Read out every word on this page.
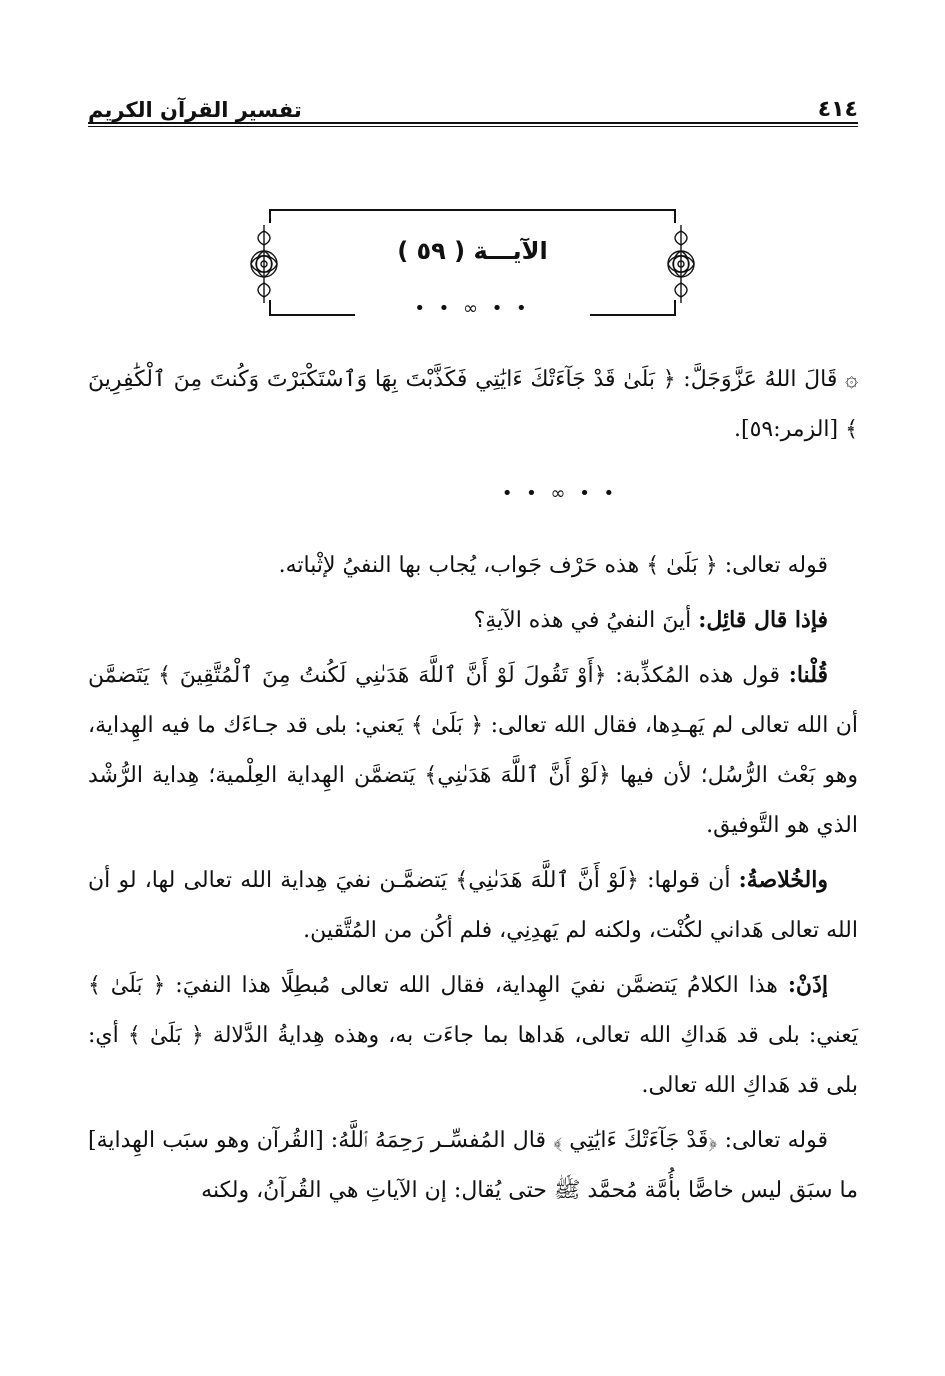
٤١٤
تفسير القرآن الكريم
الآيـــة ( ٥٩ )
• • ∞ • •
۞ قَالَ اللهُ عَزَّوَجَلَّ: ﴿ بَلَىٰ قَدْ جَآءَتْكَ ءَايَٰتِي فَكَذَّبْتَ بِهَا وَٱسْتَكْبَرْتَ وَكُنتَ مِنَ ٱلْكَٰفِرِينَ ﴾ [الزمر:٥٩].
• • ∞ • •

قوله تعالى: ﴿ بَلَىٰ ﴾ هذه حَرْف جَواب، يُجاب بها النفيُ لإثْباته.

فإذا قال قائِل: أينَ النفيُ في هذه الآيةِ؟

قُلْنا: قول هذه المُكذِّبة: ﴿أَوْ تَقُولَ لَوْ أَنَّ ٱللَّهَ هَدَىٰنِي لَكُنتُ مِنَ ٱلْمُتَّقِينَ ﴾ يَتَضمَّن أن الله تعالى لم يَهـدِها، فقال الله تعالى: ﴿ بَلَىٰ ﴾ يَعني: بلى قد جـاءَك ما فيه الهِداية، وهو بَعْث الرُّسُل؛ لأن فيها ﴿لَوْ أَنَّ ٱللَّهَ هَدَىٰنِي﴾ يَتضمَّن الهِداية العِلْمية؛ هِداية الرُّشْد الذي هو التَّوفيق.

والخُلاصةُ: أن قولها: ﴿لَوْ أَنَّ ٱللَّهَ هَدَىٰنِي﴾ يَتضمَّـن نفيَ هِداية الله تعالى لها، لو أن الله تعالى هَداني لكُنْت، ولكنه لم يَهدِنِي، فلم أكُن من المُتَّقين.

إذَنْ: هذا الكلامُ يَتضمَّن نفيَ الهِداية، فقال الله تعالى مُبطِلًا هذا النفيَ: ﴿ بَلَىٰ ﴾ يَعني: بلى قد هَداكِ الله تعالى، هَداها بما جاءَت به، وهذه هِدايةُ الدَّلالة ﴿ بَلَىٰ ﴾ أي: بلى قد هَداكِ الله تعالى.

قوله تعالى: ﴿قَدْ جَآءَتْكَ ءَايَٰتِي ﴾ قال المُفسِّـر رَحِمَهُ ٱللَّهُ: [القُرآن وهو سبَب الهِداية] ما سبَق ليس خاصًّا بأُمَّة مُحمَّد ﷺ حتى يُقال: إن الآياتِ هي القُرآنُ، ولكنه
